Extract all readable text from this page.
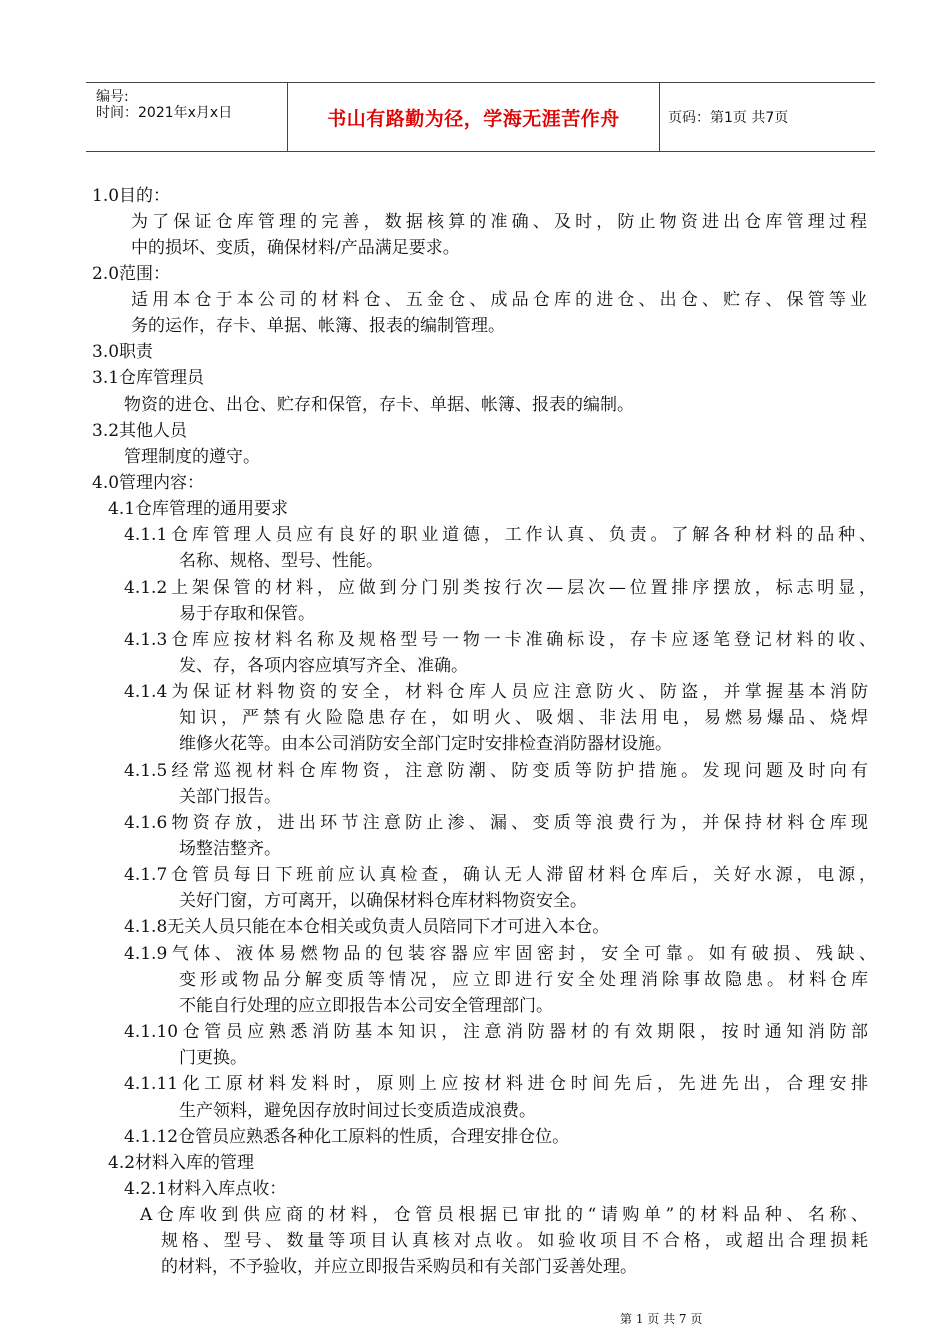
编号:
时间：2021年x月x日	书山有路勤为径，学海无涯苦作舟	页码：第1页 共7页
1.0目的：
为了保证仓库管理的完善，数据核算的准确、及时，防止物资进出仓库管理过程
中的损坏、变质，确保材料/产品满足要求。
2.0范围：
适用本仓于本公司的材料仓、五金仓、成品仓库的进仓、出仓、贮存、保管等业
务的运作，存卡、单据、帐簿、报表的编制管理。
3.0职责
3.1仓库管理员
物资的进仓、出仓、贮存和保管，存卡、单据、帐簿、报表的编制。
3.2其他人员
管理制度的遵守。
4.0管理内容：
4.1仓库管理的通用要求
4.1.1仓库管理人员应有良好的职业道德，工作认真、负责。了解各种材料的品种、
名称、规格、型号、性能。
4.1.2上架保管的材料，应做到分门别类按行次—层次—位置排序摆放，标志明显，
易于存取和保管。
4.1.3仓库应按材料名称及规格型号一物一卡准确标设，存卡应逐笔登记材料的收、
发、存，各项内容应填写齐全、准确。
4.1.4为保证材料物资的安全，材料仓库人员应注意防火、防盗，并掌握基本消防
知识，严禁有火险隐患存在，如明火、吸烟、非法用电，易燃易爆品、烧焊
维修火花等。由本公司消防安全部门定时安排检查消防器材设施。
4.1.5经常巡视材料仓库物资，注意防潮、防变质等防护措施。发现问题及时向有
关部门报告。
4.1.6物资存放，进出环节注意防止渗、漏、变质等浪费行为，并保持材料仓库现
场整洁整齐。
4.1.7仓管员每日下班前应认真检查，确认无人滞留材料仓库后，关好水源，电源，
关好门窗，方可离开，以确保材料仓库材料物资安全。
4.1.8无关人员只能在本仓相关或负责人员陪同下才可进入本仓。
4.1.9气体、液体易燃物品的包装容器应牢固密封，安全可靠。如有破损、残缺、
变形或物品分解变质等情况，应立即进行安全处理消除事故隐患。材料仓库
不能自行处理的应立即报告本公司安全管理部门。
4.1.10仓管员应熟悉消防基本知识，注意消防器材的有效期限，按时通知消防部
门更换。
4.1.11化工原材料发料时，原则上应按材料进仓时间先后，先进先出，合理安排
生产领料，避免因存放时间过长变质造成浪费。
4.1.12仓管员应熟悉各种化工原料的性质，合理安排仓位。
4.2材料入库的管理
4.2.1材料入库点收：
A仓库收到供应商的材料，仓管员根据已审批的“请购单”的材料品种、名称、
规格、型号、数量等项目认真核对点收。如验收项目不合格，或超出合理损耗
的材料，不予验收，并应立即报告采购员和有关部门妥善处理。
第 1 页 共 7 页
